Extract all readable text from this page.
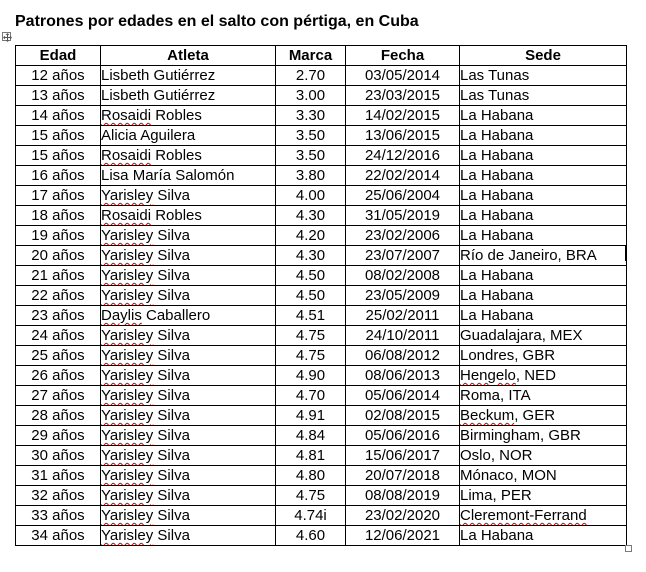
Patrones por edades en el salto con pértiga, en Cuba
Edad	Atleta	Marca	Fecha	Sede
12 años	Lisbeth Gutiérrez	2.70	03/05/2014	Las Tunas
13 años	Lisbeth Gutiérrez	3.00	23/03/2015	Las Tunas
14 años	Rosaidi Robles	3.30	14/02/2015	La Habana
15 años	Alicia Aguilera	3.50	13/06/2015	La Habana
15 años	Rosaidi Robles	3.50	24/12/2016	La Habana
16 años	Lisa María Salomón	3.80	22/02/2014	La Habana
17 años	Yarisley Silva	4.00	25/06/2004	La Habana
18 años	Rosaidi Robles	4.30	31/05/2019	La Habana
19 años	Yarisley Silva	4.20	23/02/2006	La Habana
20 años	Yarisley Silva	4.30	23/07/2007	Río de Janeiro, BRA
21 años	Yarisley Silva	4.50	08/02/2008	La Habana
22 años	Yarisley Silva	4.50	23/05/2009	La Habana
23 años	Daylis Caballero	4.51	25/02/2011	La Habana
24 años	Yarisley Silva	4.75	24/10/2011	Guadalajara, MEX
25 años	Yarisley Silva	4.75	06/08/2012	Londres, GBR
26 años	Yarisley Silva	4.90	08/06/2013	Hengelo, NED
27 años	Yarisley Silva	4.70	05/06/2014	Roma, ITA
28 años	Yarisley Silva	4.91	02/08/2015	Beckum, GER
29 años	Yarisley Silva	4.84	05/06/2016	Birmingham, GBR
30 años	Yarisley Silva	4.81	15/06/2017	Oslo, NOR
31 años	Yarisley Silva	4.80	20/07/2018	Mónaco, MON
32 años	Yarisley Silva	4.75	08/08/2019	Lima, PER
33 años	Yarisley Silva	4.74i	23/02/2020	Cleremont-Ferrand
34 años	Yarisley Silva	4.60	12/06/2021	La Habana
